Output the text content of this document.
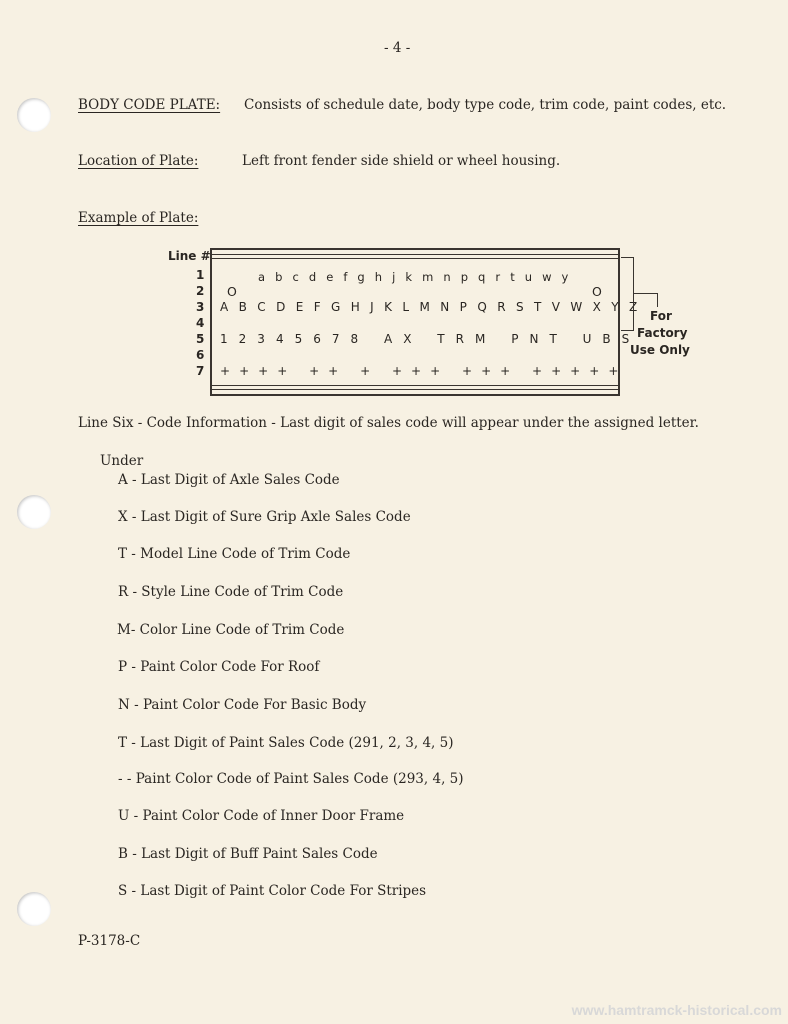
- 4 -
BODY CODE PLATE: Consists of schedule date, body type code, trim code, paint codes, etc.
Location of Plate:	Left front fender side shield or wheel housing.
Example of Plate:
Line #
1
2
3
4
5
6
7
a b c d e f g h j k m n p q r t u w y
O	O
A B C D E F G H J K L M N P Q R S T V W X Y Z
1 2 3 4 5 6 7 8   A X   T R M   P N T   U B S
+ + + +   + +   +   + + +   + + +   + + + + +
For
Factory
Use Only
Line Six - Code Information - Last digit of sales code will appear under the assigned letter.
Under
A - Last Digit of Axle Sales Code
X - Last Digit of Sure Grip Axle Sales Code
T - Model Line Code of Trim Code
R - Style Line Code of Trim Code
M- Color Line Code of Trim Code
P - Paint Color Code For Roof
N - Paint Color Code For Basic Body
T - Last Digit of Paint Sales Code (291, 2, 3, 4, 5)
- - Paint Color Code of Paint Sales Code (293, 4, 5)
U - Paint Color Code of Inner Door Frame
B - Last Digit of Buff Paint Sales Code
S - Last Digit of Paint Color Code For Stripes
P-3178-C
www.hamtramck-historical.com
